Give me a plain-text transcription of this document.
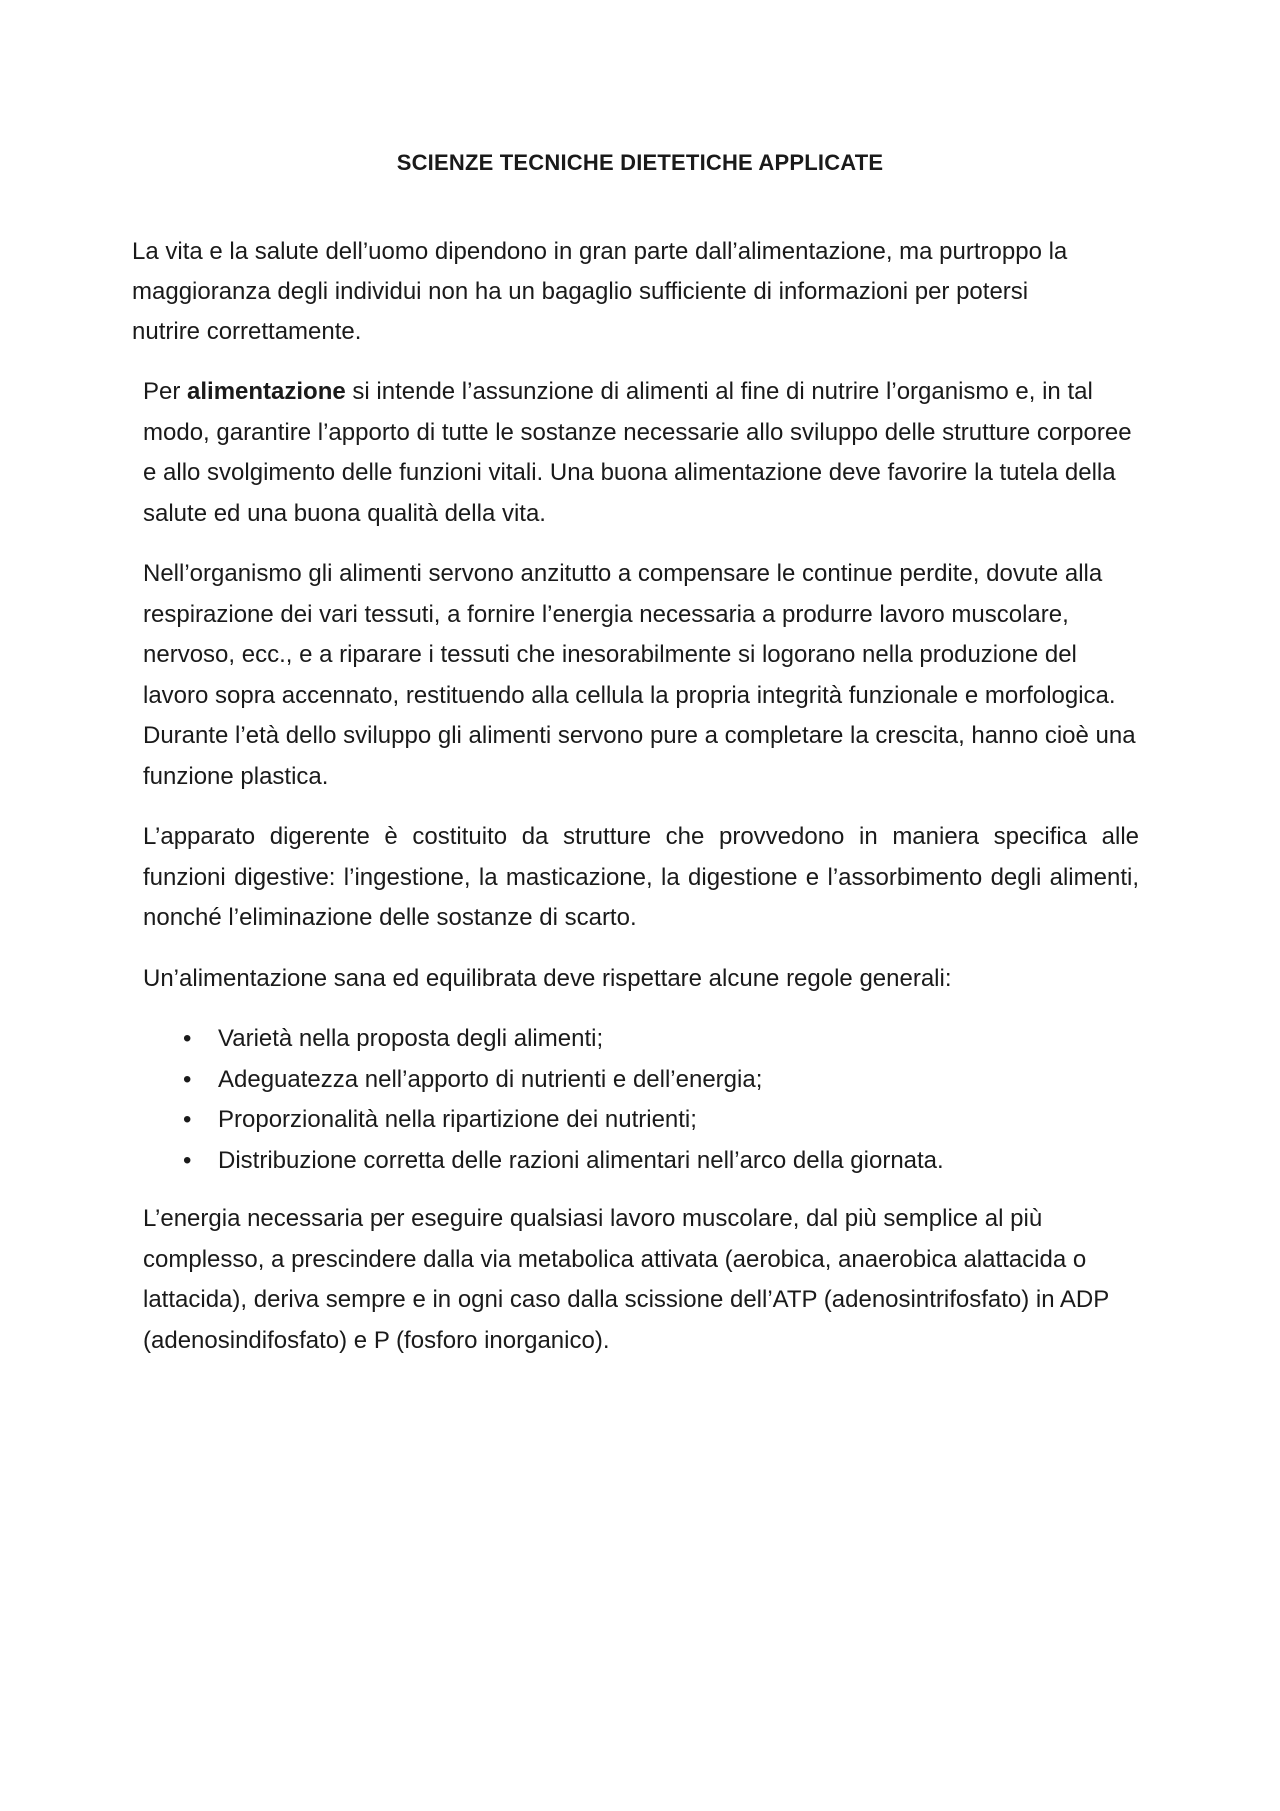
SCIENZE TECNICHE DIETETICHE APPLICATE

La vita e la salute dell’uomo dipendono in gran parte dall’alimentazione, ma purtroppo la maggioranza degli individui non ha un bagaglio sufficiente di informazioni per potersi nutrire correttamente.

Per alimentazione si intende l’assunzione di alimenti al fine di nutrire l’organismo e, in tal modo, garantire l’apporto di tutte le sostanze necessarie allo sviluppo delle strutture corporee e allo svolgimento delle funzioni vitali. Una buona alimentazione deve favorire la tutela della salute ed una buona qualità della vita.

Nell’organismo gli alimenti servono anzitutto a compensare le continue perdite, dovute alla respirazione dei vari tessuti, a fornire l’energia necessaria a produrre lavoro muscolare, nervoso, ecc., e a riparare i tessuti che inesorabilmente si logorano nella produzione del lavoro sopra accennato, restituendo alla cellula la propria integrità funzionale e morfologica. Durante l’età dello sviluppo gli alimenti servono pure a completare la crescita, hanno cioè una funzione plastica.

L’apparato digerente è costituito da strutture che provvedono in maniera specifica alle funzioni digestive: l’ingestione, la masticazione, la digestione e l’assorbimento degli alimenti, nonché l’eliminazione delle sostanze di scarto.

Un’alimentazione sana ed equilibrata deve rispettare alcune regole generali:

• Varietà nella proposta degli alimenti;
• Adeguatezza nell’apporto di nutrienti e dell’energia;
• Proporzionalità nella ripartizione dei nutrienti;
• Distribuzione corretta delle razioni alimentari nell’arco della giornata.

L’energia necessaria per eseguire qualsiasi lavoro muscolare, dal più semplice al più complesso, a prescindere dalla via metabolica attivata (aerobica, anaerobica alattacida o lattacida), deriva sempre e in ogni caso dalla scissione dell’ATP (adenosintrifosfato) in ADP (adenosindifosfato) e P (fosforo inorganico).
